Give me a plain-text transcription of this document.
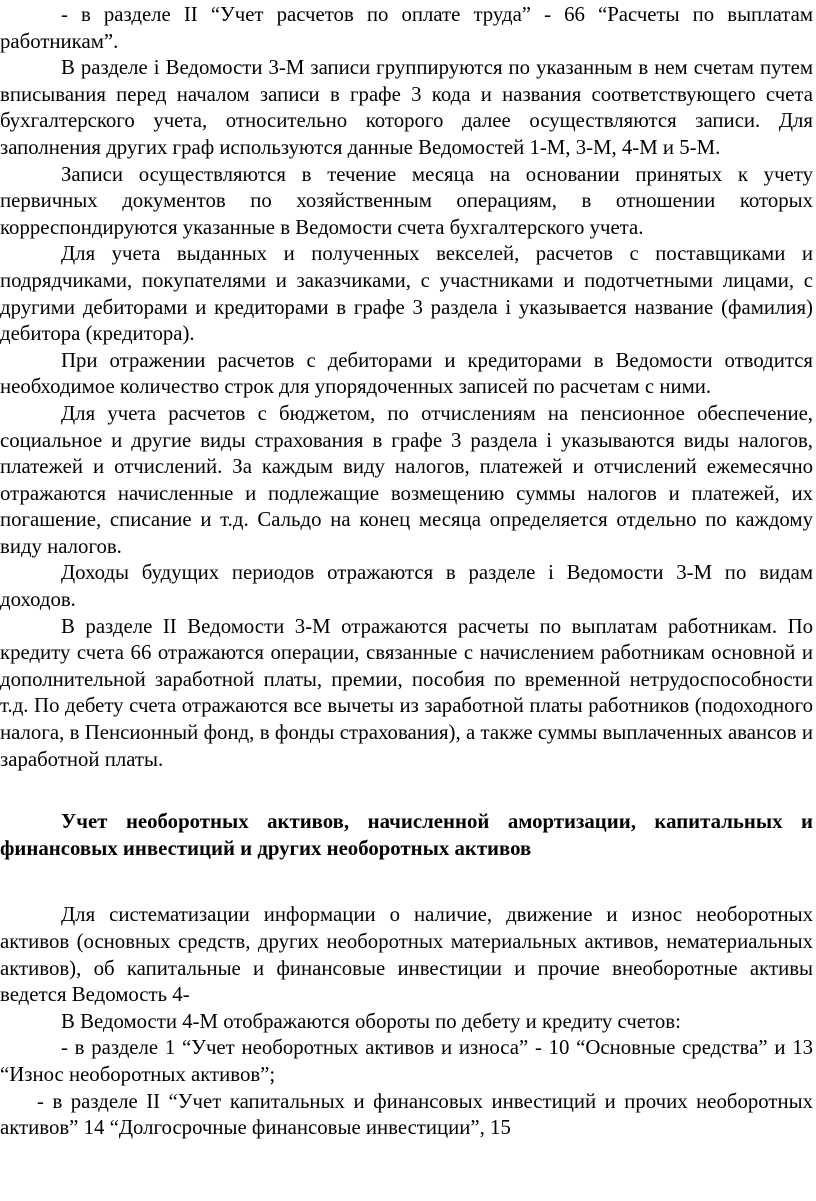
- в разделе II “Учет расчетов по оплате труда” - 66 “Расчеты по выплатам работникам”.

В разделе і Ведомости 3-М записи группируются по указанным в нем счетам путем вписывания перед началом записи в графе 3 кода и названия соответствующего счета бухгалтерского учета, относительно которого далее осуществляются записи. Для заполнения других граф используются данные Ведомостей 1-М, 3-М, 4-М и 5-М.

Записи осуществляются в течение месяца на основании принятых к учету первичных документов по хозяйственным операциям, в отношении которых корреспондируются указанные в Ведомости счета бухгалтерского учета.

Для учета выданных и полученных векселей, расчетов с поставщиками и подрядчиками, покупателями и заказчиками, с участниками и подотчетными лицами, с другими дебиторами и кредиторами в графе 3 раздела і указывается название (фамилия) дебитора (кредитора).

При отражении расчетов с дебиторами и кредиторами в Ведомости отводится необходимое количество строк для упорядоченных записей по расчетам с ними.

Для учета расчетов с бюджетом, по отчислениям на пенсионное обеспечение, социальное и другие виды страхования в графе 3 раздела і указываются виды налогов, платежей и отчислений. За каждым виду налогов, платежей и отчислений ежемесячно отражаются начисленные и подлежащие возмещению суммы налогов и платежей, их погашение, списание и т.д. Сальдо на конец месяца определяется отдельно по каждому виду налогов.

Доходы будущих периодов отражаются в разделе і Ведомости 3-М по видам доходов.

В разделе II Ведомости 3-М отражаются расчеты по выплатам работникам. По кредиту счета 66 отражаются операции, связанные с начислением работникам основной и дополнительной заработной платы, премии, пособия по временной нетрудоспособности т.д. По дебету счета отражаются все вычеты из заработной платы работников (подоходного налога, в Пенсионный фонд, в фонды страхования), а также суммы выплаченных авансов и заработной платы.

Учет необоротных активов, начисленной амортизации, капитальных и финансовых инвестиций и других необоротных активов

Для систематизации информации о наличие, движение и износ необоротных активов (основных средств, других необоротных материальных активов, нематериальных активов), об капитальные и финансовые инвестиции и прочие внеоборотные активы ведется Ведомость 4-

В Ведомости 4-М отображаются обороты по дебету и кредиту счетов:

- в разделе 1 “Учет необоротных активов и износа” - 10 “Основные средства” и 13 “Износ необоротных активов”;

- в разделе II “Учет капитальных и финансовых инвестиций и прочих необоротных активов” 14 “Долгосрочные финансовые инвестиции”, 15
